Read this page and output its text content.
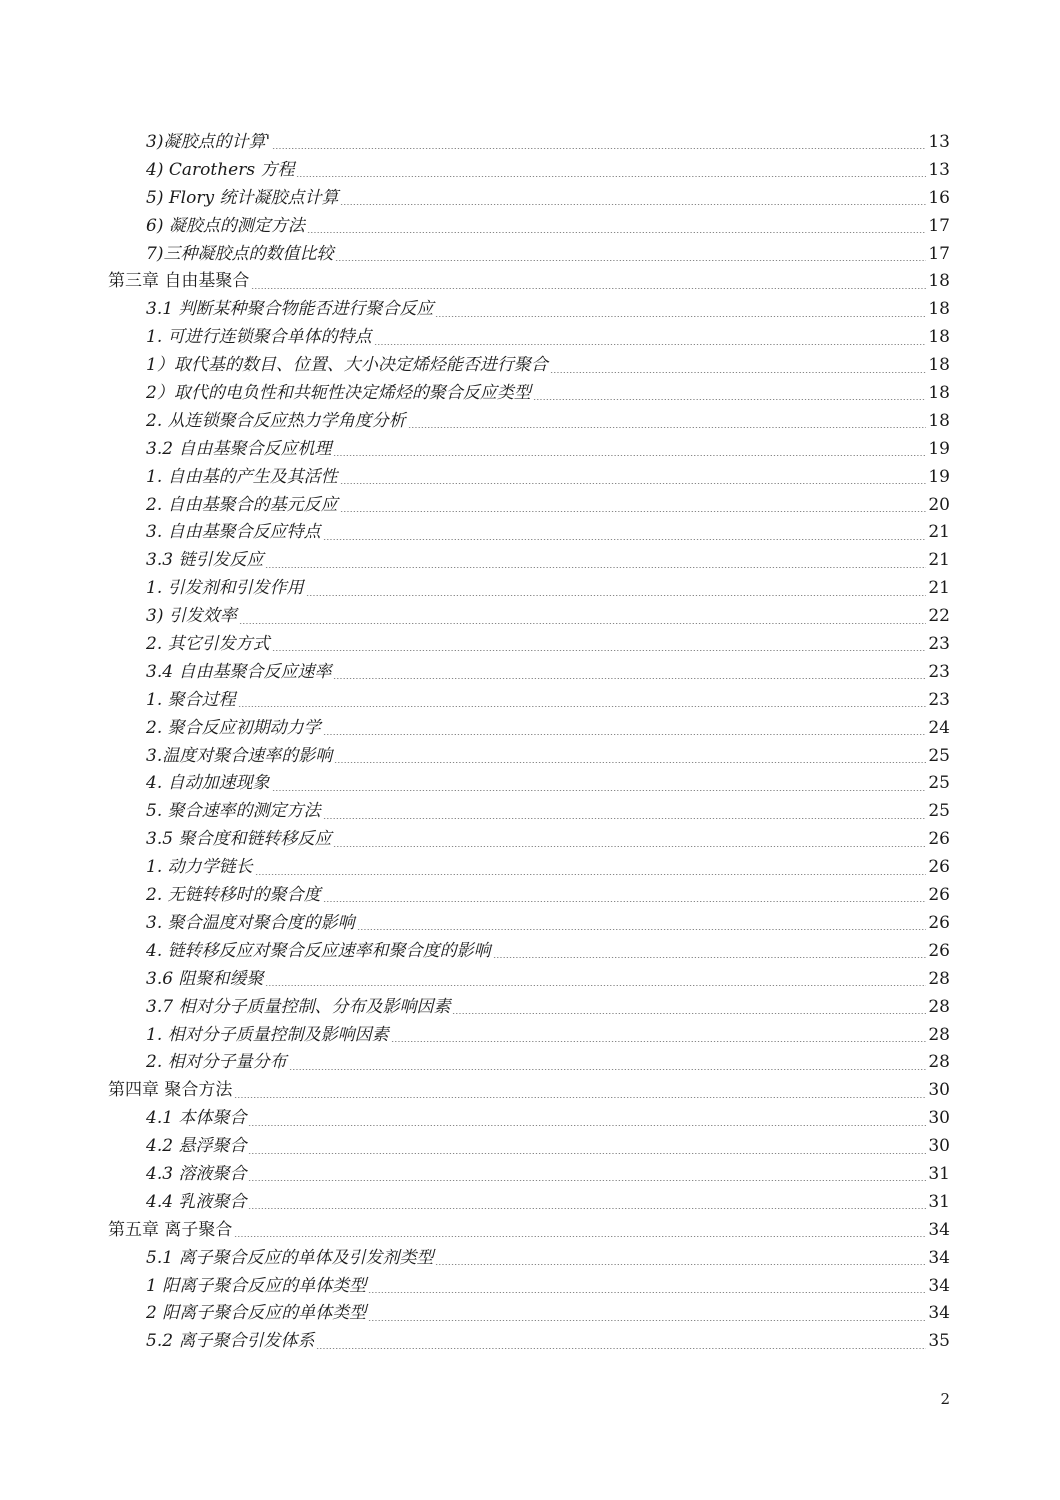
3)凝胶点的计算'	13
4) Carothers 方程	13
5) Flory 统计凝胶点计算	16
6) 凝胶点的测定方法	17
7)三种凝胶点的数值比较	17
第三章 自由基聚合	18
3.1 判断某种聚合物能否进行聚合反应	18
1. 可进行连锁聚合单体的特点	18
1）取代基的数目、位置、大小决定烯烃能否进行聚合	18
2）取代的电负性和共轭性决定烯烃的聚合反应类型	18
2. 从连锁聚合反应热力学角度分析	18
3.2 自由基聚合反应机理	19
1. 自由基的产生及其活性	19
2. 自由基聚合的基元反应	20
3. 自由基聚合反应特点	21
3.3 链引发反应	21
1. 引发剂和引发作用	21
3) 引发效率	22
2. 其它引发方式	23
3.4 自由基聚合反应速率	23
1. 聚合过程	23
2. 聚合反应初期动力学	24
3.温度对聚合速率的影响	25
4. 自动加速现象	25
5. 聚合速率的测定方法	25
3.5 聚合度和链转移反应	26
1. 动力学链长	26
2. 无链转移时的聚合度	26
3. 聚合温度对聚合度的影响	26
4. 链转移反应对聚合反应速率和聚合度的影响	26
3.6 阻聚和缓聚	28
3.7 相对分子质量控制、分布及影响因素	28
1. 相对分子质量控制及影响因素	28
2. 相对分子量分布	28
第四章 聚合方法	30
4.1 本体聚合	30
4.2 悬浮聚合	30
4.3 溶液聚合	31
4.4 乳液聚合	31
第五章 离子聚合	34
5.1 离子聚合反应的单体及引发剂类型	34
1 阳离子聚合反应的单体类型	34
2 阳离子聚合反应的单体类型	34
5.2 离子聚合引发体系	35
2
